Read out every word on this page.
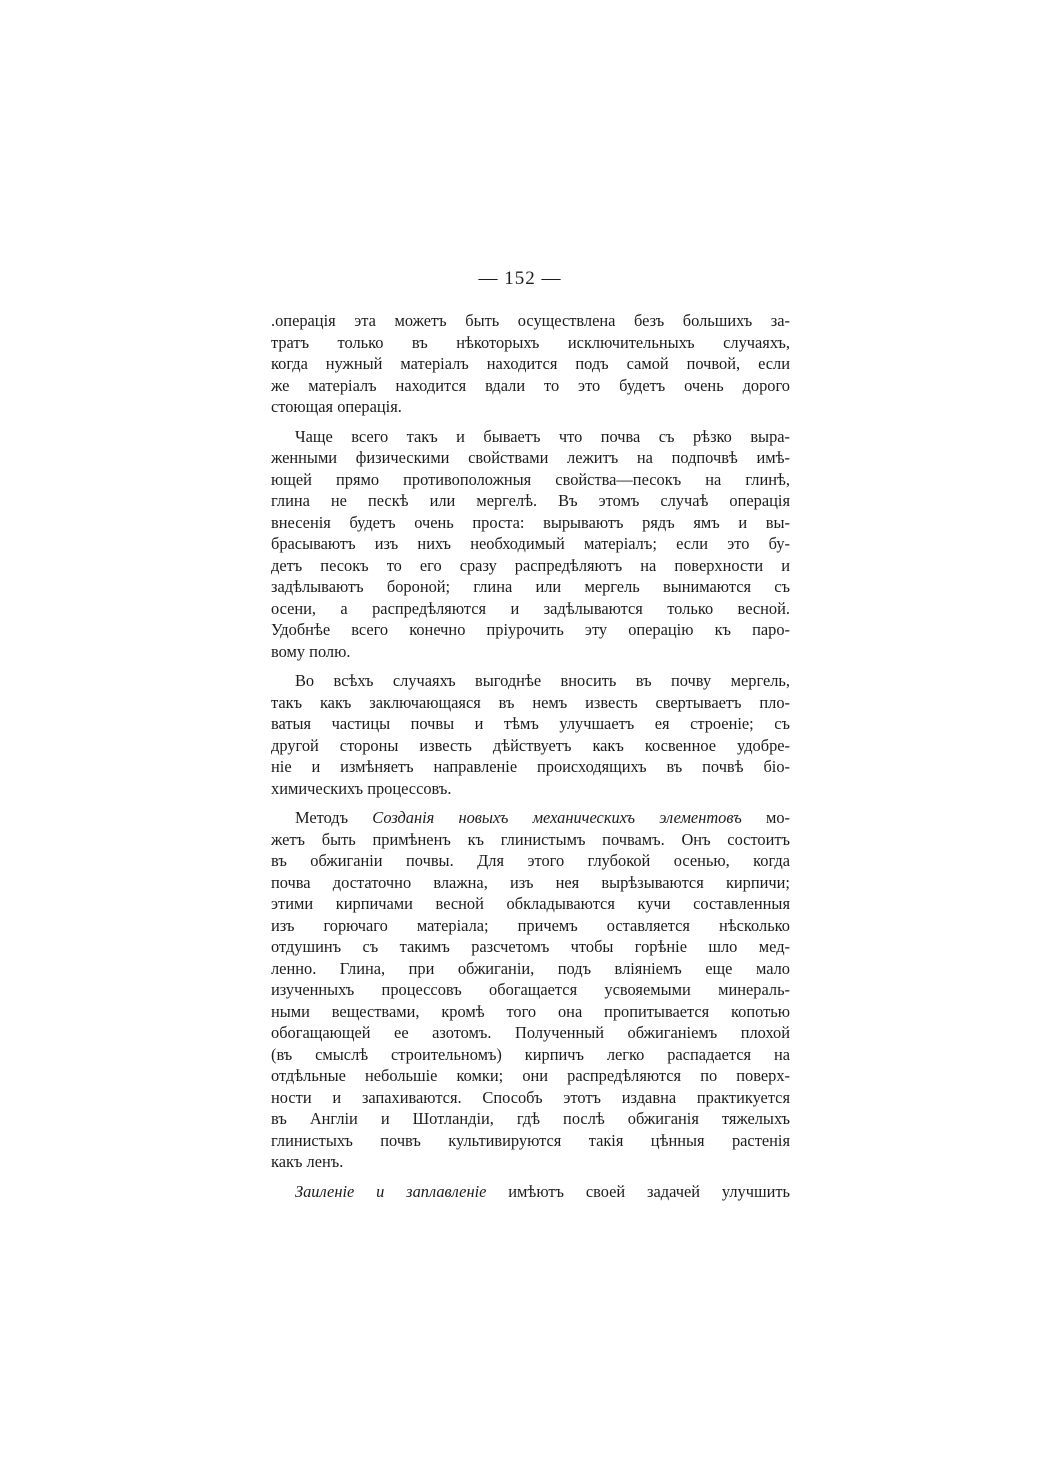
— 152 —
.операція эта можетъ быть осуществлена безъ большихъ за-
тратъ только въ нѣкоторыхъ исключительныхъ случаяхъ,
когда нужный матеріалъ находится подъ самой почвой, если
же матеріалъ находится вдали то это будетъ очень дорого
стоющая операція.
Чаще всего такъ и бываетъ что почва съ рѣзко выра-
женными физическими свойствами лежитъ на подпочвѣ имѣ-
ющей прямо противоположныя свойства—песокъ на глинѣ,
глина не пескѣ или мергелѣ. Въ этомъ случаѣ операція
внесенія будетъ очень проста: вырываютъ рядъ ямъ и вы-
брасываютъ изъ нихъ необходимый матеріалъ; если это бу-
детъ песокъ то его сразу распредѣляютъ на поверхности и
задѣлываютъ бороной; глина или мергель вынимаются съ
осени, а распредѣляются и задѣлываются только весной.
Удобнѣе всего конечно пріурочить эту операцію къ паро-
вому полю.
Во всѣхъ случаяхъ выгоднѣе вносить въ почву мергель,
такъ какъ заключающаяся въ немъ известь свертываетъ пло-
ватыя частицы почвы и тѣмъ улучшаетъ ея строеніе; съ
другой стороны известь дѣйствуетъ какъ косвенное удобре-
ніе и измѣняетъ направленіе происходящихъ въ почвѣ біо-
химическихъ процессовъ.
Методъ Созданія новыхъ механическихъ элементовъ мо-
жетъ быть примѣненъ къ глинистымъ почвамъ. Онъ состоитъ
въ обжиганіи почвы. Для этого глубокой осенью, когда
почва достаточно влажна, изъ нея вырѣзываются кирпичи;
этими кирпичами весной обкладываются кучи составленныя
изъ горючаго матеріала; причемъ оставляется нѣсколько
отдушинъ съ такимъ разсчетомъ чтобы горѣніе шло мед-
ленно. Глина, при обжиганіи, подъ вліяніемъ еще мало
изученныхъ процессовъ обогащается усвояемыми минераль-
ными веществами, кромѣ того она пропитывается копотью
обогащающей ее азотомъ. Полученный обжиганіемъ плохой
(въ смыслѣ строительномъ) кирпичъ легко распадается на
отдѣльные небольшіе комки; они распредѣляются по поверх-
ности и запахиваются. Способъ этотъ издавна практикуется
въ Англіи и Шотландіи, гдѣ послѣ обжиганія тяжелыхъ
глинистыхъ почвъ культивируются такія цѣнныя растенія
какъ ленъ.
Заиленіе и заплавленіе имѣютъ своей задачей улучшить
